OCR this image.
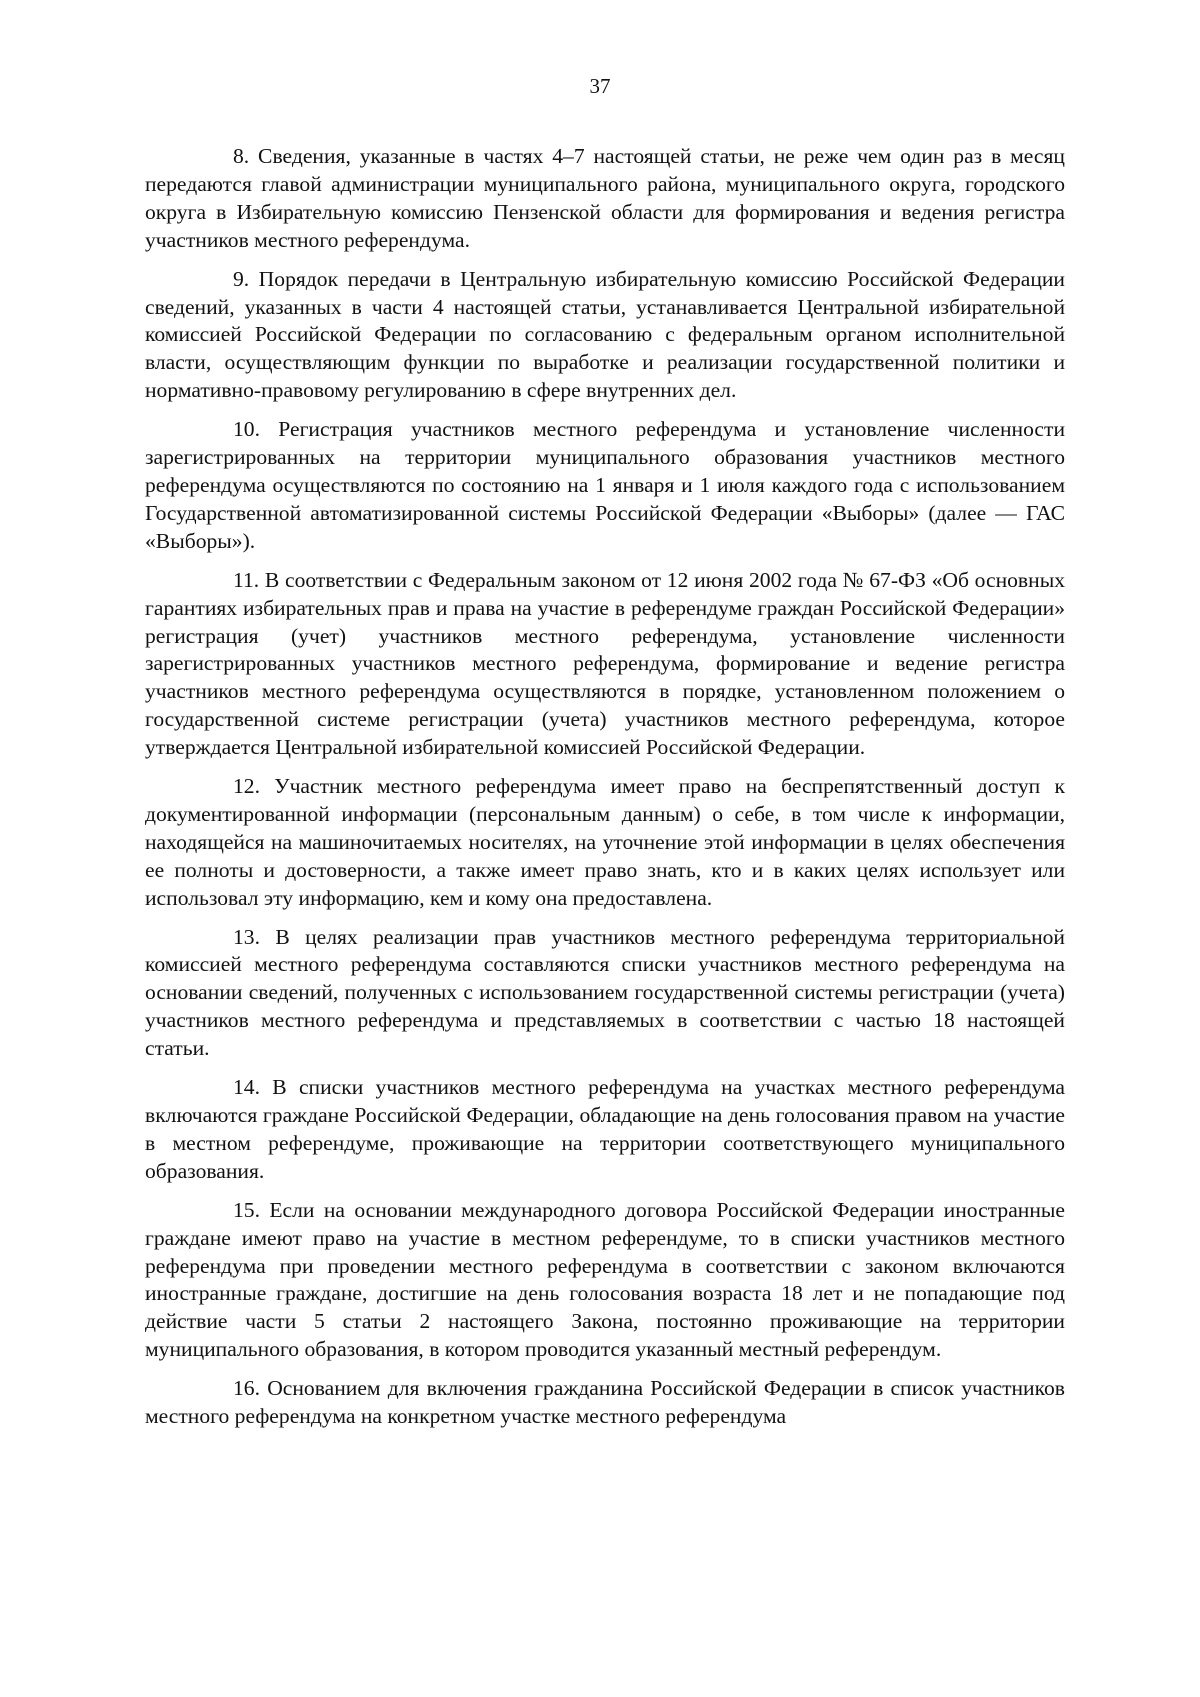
37

8. Сведения, указанные в частях 4–7 настоящей статьи, не реже чем один раз в месяц передаются главой администрации муниципального района, муниципального округа, городского округа в Избирательную комиссию Пензенской области для формирования и ведения регистра участников местного референдума.

9. Порядок передачи в Центральную избирательную комиссию Российской Федерации сведений, указанных в части 4 настоящей статьи, устанавливается Центральной избирательной комиссией Российской Федерации по согласованию с федеральным органом исполнительной власти, осуществляющим функции по выработке и реализации государственной политики и нормативно-правовому регулированию в сфере внутренних дел.

10. Регистрация участников местного референдума и установление численности зарегистрированных на территории муниципального образования участников местного референдума осуществляются по состоянию на 1 января и 1 июля каждого года с использованием Государственной автоматизированной системы Российской Федерации «Выборы» (далее — ГАС «Выборы»).

11. В соответствии с Федеральным законом от 12 июня 2002 года № 67-ФЗ «Об основных гарантиях избирательных прав и права на участие в референдуме граждан Российской Федерации» регистрация (учет) участников местного референдума, установление численности зарегистрированных участников местного референдума, формирование и ведение регистра участников местного референдума осуществляются в порядке, установленном положением о государственной системе регистрации (учета) участников местного референдума, которое утверждается Центральной избирательной комиссией Российской Федерации.

12. Участник местного референдума имеет право на беспрепятственный доступ к документированной информации (персональным данным) о себе, в том числе к информации, находящейся на машиночитаемых носителях, на уточнение этой информации в целях обеспечения ее полноты и достоверности, а также имеет право знать, кто и в каких целях использует или использовал эту информацию, кем и кому она предоставлена.

13. В целях реализации прав участников местного референдума территориальной комиссией местного референдума составляются списки участников местного референдума на основании сведений, полученных с использованием государственной системы регистрации (учета) участников местного референдума и представляемых в соответствии с частью 18 настоящей статьи.

14. В списки участников местного референдума на участках местного референдума включаются граждане Российской Федерации, обладающие на день голосования правом на участие в местном референдуме, проживающие на территории соответствующего муниципального образования.

15. Если на основании международного договора Российской Федерации иностранные граждане имеют право на участие в местном референдуме, то в списки участников местного референдума при проведении местного референдума в соответствии с законом включаются иностранные граждане, достигшие на день голосования возраста 18 лет и не попадающие под действие части 5 статьи 2 настоящего Закона, постоянно проживающие на территории муниципального образования, в котором проводится указанный местный референдум.

16. Основанием для включения гражданина Российской Федерации в список участников местного референдума на конкретном участке местного референдума
